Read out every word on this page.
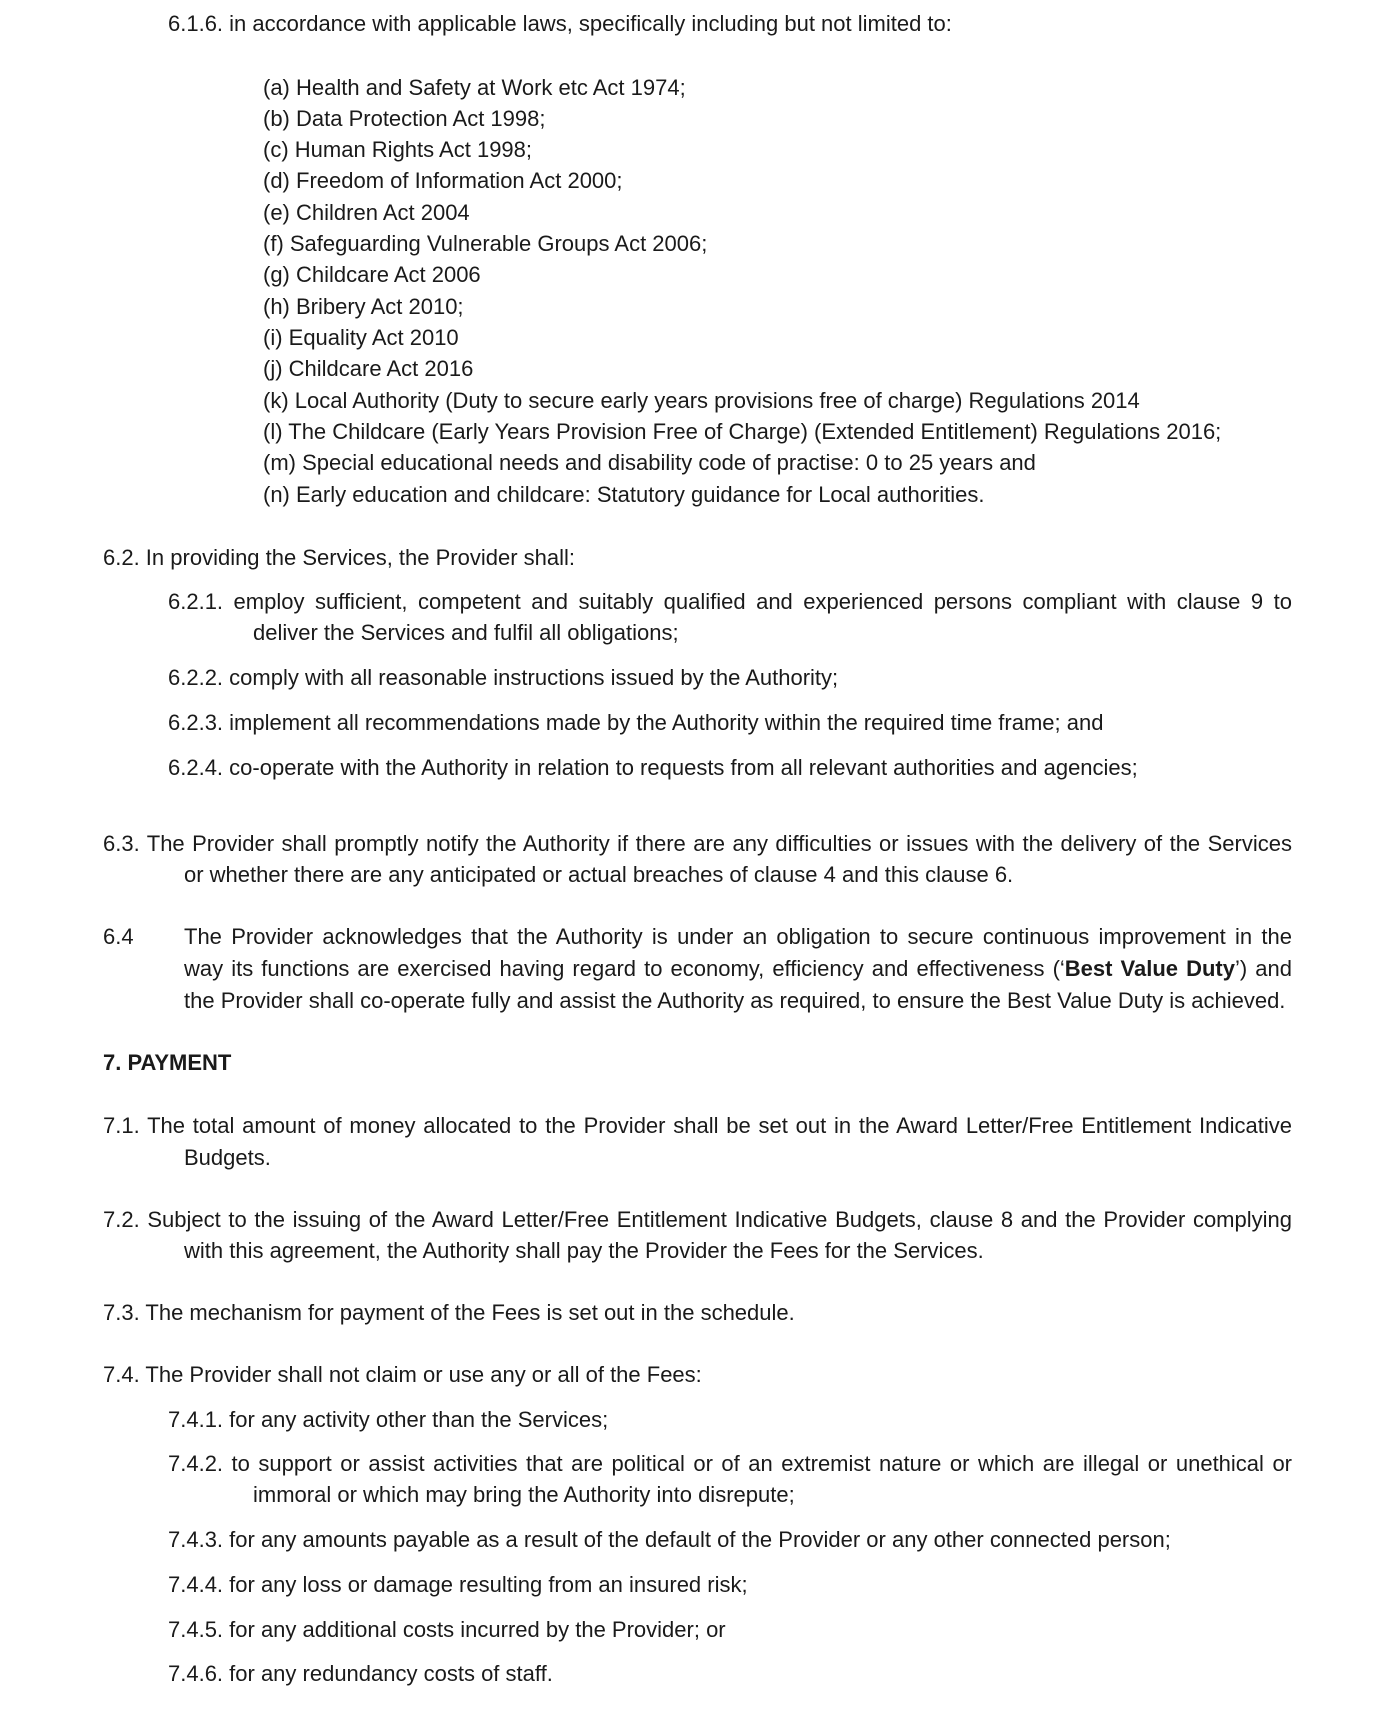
6.1.6. in accordance with applicable laws, specifically including but not limited to:
(a) Health and Safety at Work etc Act 1974;
(b) Data Protection Act 1998;
(c) Human Rights Act 1998;
(d) Freedom of Information Act 2000;
(e) Children Act 2004
(f) Safeguarding Vulnerable Groups Act 2006;
(g) Childcare Act 2006
(h) Bribery Act 2010;
(i) Equality Act 2010
(j) Childcare Act 2016
(k) Local Authority (Duty to secure early years provisions free of charge) Regulations 2014
(l) The Childcare (Early Years Provision Free of Charge) (Extended Entitlement) Regulations 2016;
(m) Special educational needs and disability code of practise: 0 to 25 years and
(n) Early education and childcare: Statutory guidance for Local authorities.
6.2. In providing the Services, the Provider shall:
6.2.1. employ sufficient, competent and suitably qualified and experienced persons compliant with clause 9 to
deliver the Services and fulfil all obligations;
6.2.2. comply with all reasonable instructions issued by the Authority;
6.2.3. implement all recommendations made by the Authority within the required time frame; and
6.2.4. co-operate with the Authority in relation to requests from all relevant authorities and agencies;
6.3. The Provider shall promptly notify the Authority if there are any difficulties or issues with the delivery of the Services
or whether there are any anticipated or actual breaches of clause 4 and this clause 6.
6.4 The Provider acknowledges that the Authority is under an obligation to secure continuous improvement in the
way its functions are exercised having regard to economy, efficiency and effectiveness (‘Best Value Duty’) and
the Provider shall co-operate fully and assist the Authority as required, to ensure the Best Value Duty is achieved.
7. PAYMENT
7.1. The total amount of money allocated to the Provider shall be set out in the Award Letter/Free Entitlement Indicative
Budgets.
7.2. Subject to the issuing of the Award Letter/Free Entitlement Indicative Budgets, clause 8 and the Provider complying
with this agreement, the Authority shall pay the Provider the Fees for the Services.
7.3. The mechanism for payment of the Fees is set out in the schedule.
7.4. The Provider shall not claim or use any or all of the Fees:
7.4.1. for any activity other than the Services;
7.4.2. to support or assist activities that are political or of an extremist nature or which are illegal or unethical or
immoral or which may bring the Authority into disrepute;
7.4.3. for any amounts payable as a result of the default of the Provider or any other connected person;
7.4.4. for any loss or damage resulting from an insured risk;
7.4.5. for any additional costs incurred by the Provider; or
7.4.6. for any redundancy costs of staff.
